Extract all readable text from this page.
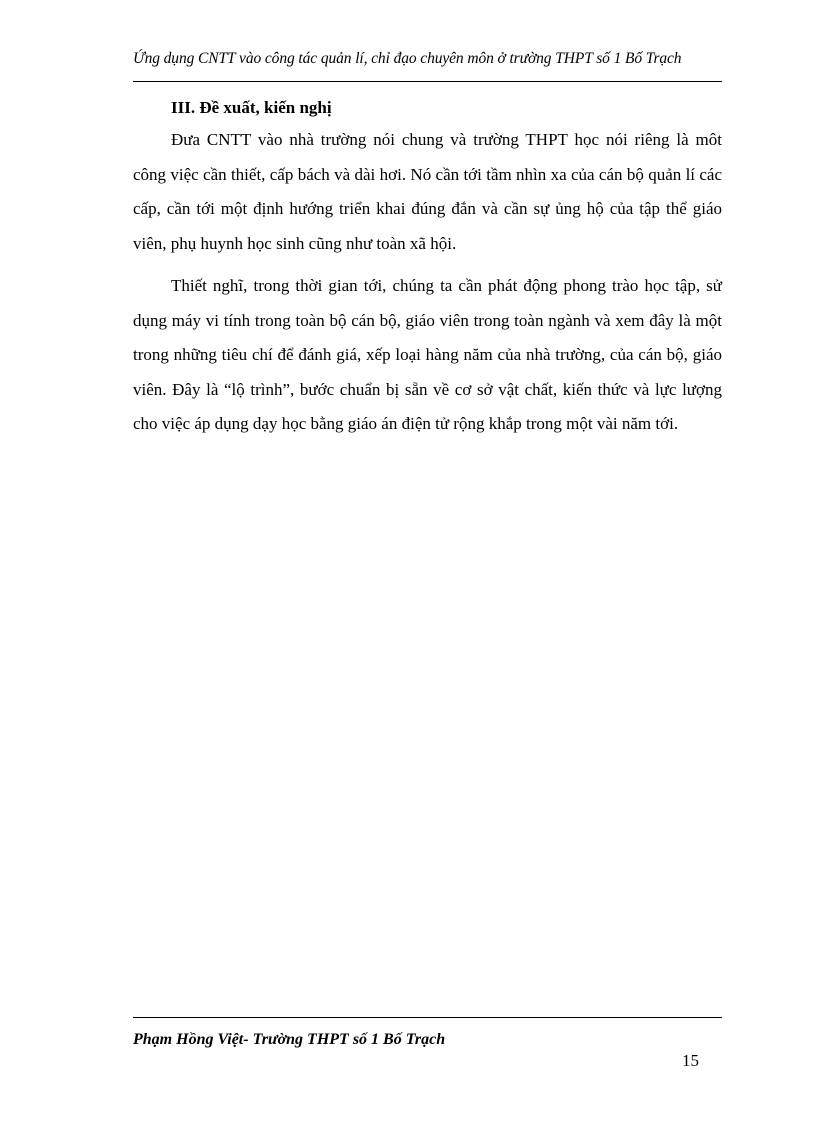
Ứng dụng CNTT vào công tác quản lí, chỉ đạo chuyên môn ở trường THPT số 1 Bố Trạch
III. Đề xuất, kiến nghị

Đưa CNTT vào nhà trường nói chung và trường THPT học nói riêng là môt công việc cần thiết, cấp bách và dài hơi. Nó cần tới tầm nhìn xa của cán bộ quản lí các cấp, cần tới một định hướng triển khai đúng đắn và cần sự ủng hộ của tập thể giáo viên, phụ huynh học sinh cũng như toàn xã hội.

Thiết nghĩ, trong thời gian tới, chúng ta cần phát động phong trào học tập, sử dụng máy vi tính trong toàn bộ cán bộ, giáo viên trong toàn ngành và xem đây là một trong những tiêu chí để đánh giá, xếp loại hàng năm của nhà trường, của cán bộ, giáo viên. Đây là “lộ trình”, bước chuẩn bị sẵn về cơ sở vật chất, kiến thức và lực lượng cho việc áp dụng dạy học bằng giáo án điện tử rộng khắp trong một vài năm tới.

Phạm Hồng Việt- Trường THPT số 1 Bố Trạch
15
